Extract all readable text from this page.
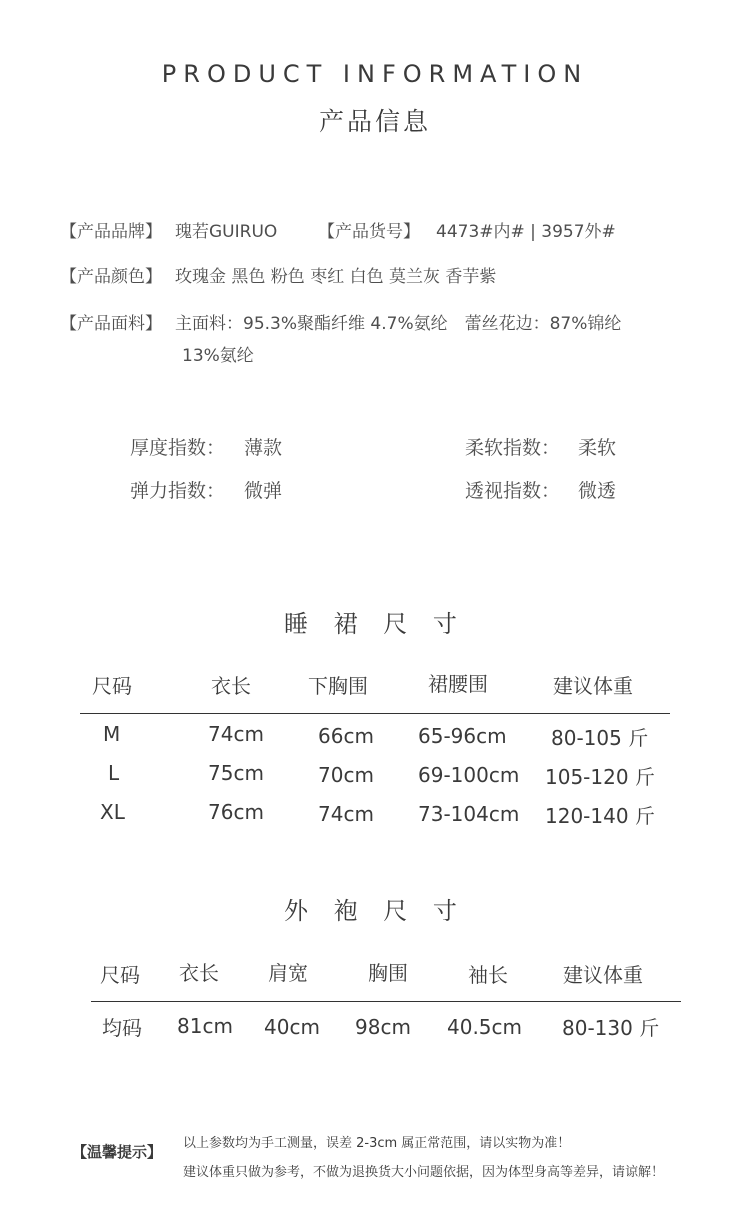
PRODUCT INFORMATION
产品信息
【产品品牌】 瑰若GUIRUO 【产品货号】 4473#内# | 3957外#
【产品颜色】 玫瑰金 黑色 粉色 枣红 白色 莫兰灰 香芋紫
【产品面料】 主面料：95.3%聚酯纤维 4.7%氨纶　蕾丝花边：87%锦纶
13%氨纶
厚度指数： 薄款	柔软指数： 柔软
弹力指数： 微弹	透视指数： 微透
睡 裙 尺 寸
尺码	衣长	下胸围	裙腰围	建议体重
M	74cm	66cm 65-96cm 80-105 斤
L	75cm	70cm 69-100cm 105-120 斤
XL	76cm	74cm 73-104cm 120-140 斤
外 袍 尺 寸
尺码 衣长 肩宽	胸围	袖长	建议体重
均码 81cm 40cm 98cm 40.5cm 80-130 斤
【温馨提示】 以上参数均为手工测量，误差 2-3cm 属正常范围，请以实物为准！
建议体重只做为参考，不做为退换货大小问题依据，因为体型身高等差异，请谅解！
